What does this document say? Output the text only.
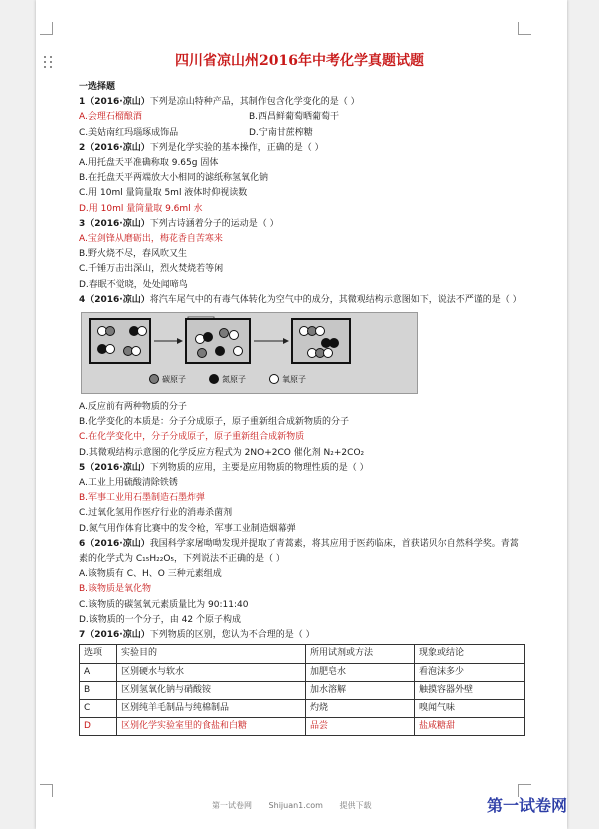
四川省凉山州2016年中考化学真题试题
一选择题
1（2016·凉山）下列是凉山特种产品，其制作包含化学变化的是（ ）
A.会理石榴酿酒	B.西昌鲜葡萄晒葡萄干
C.美姑南红玛瑙琢成饰品	D.宁南甘蔗榨糖
2（2016·凉山）下列是化学实验的基本操作，正确的是（ ）
A.用托盘天平准确称取 9.65g 固体
B.在托盘天平两端放大小相同的滤纸称氢氧化钠
C.用 10ml 量筒量取 5ml 液体时仰视读数
D.用 10ml 量筒量取 9.6ml 水
3（2016·凉山）下列古诗涵着分子的运动是（ ）
A.宝剑锋从磨砺出，梅花香自苦寒来
B.野火烧不尽，春风吹又生
C.千锤万击出深山，烈火焚烧若等闲
D.春眠不觉晓，处处闻啼鸟
4（2016·凉山）将汽车尾气中的有毒气体转化为空气中的成分，其微观结构示意图如下，说法不严谨的是（ ）
碳原子	氮原子	氧原子
A.反应前有两种物质的分子
B.化学变化的本质是：分子分成原子，原子重新组合成新物质的分子
C.在化学变化中，分子分成原子，原子重新组合成新物质
D.其微观结构示意图的化学反应方程式为 2NO+2CO 催化剂 N₂+2CO₂
5（2016·凉山）下列物质的应用，主要是应用物质的物理性质的是（ ）
A.工业上用硫酸清除铁锈
B.军事工业用石墨制造石墨炸弹
C.过氧化氢用作医疗行业的消毒杀菌剂
D.氮气用作体育比赛中的发令枪，军事工业制造烟幕弹
6（2016·凉山）我国科学家屠呦呦发现并提取了青蒿素，将其应用于医药临床，首获诺贝尔自然科学奖。青蒿素的化学式为 C₁₅H₂₂O₅，下列说法不正确的是（ ）
A.该物质有 C、H、O 三种元素组成
B.该物质是氧化物
C.该物质的碳氢氧元素质量比为 90:11:40
D.该物质的一个分子，由 42 个原子构成
7（2016·凉山）下列物质的区别，您认为不合理的是（ ）
选项	实验目的	所用试剂或方法	现象或结论
A	区别硬水与软水	加肥皂水	看泡沫多少
B	区别氢氧化钠与硝酸铵	加水溶解	触摸容器外壁
C	区别纯羊毛制品与纯棉制品	灼烧	嗅闻气味
D	区别化学实验室里的食盐和白糖	品尝	盐咸糖甜
第一试卷网 Shijuan1.com 提供下载	第一试卷网
